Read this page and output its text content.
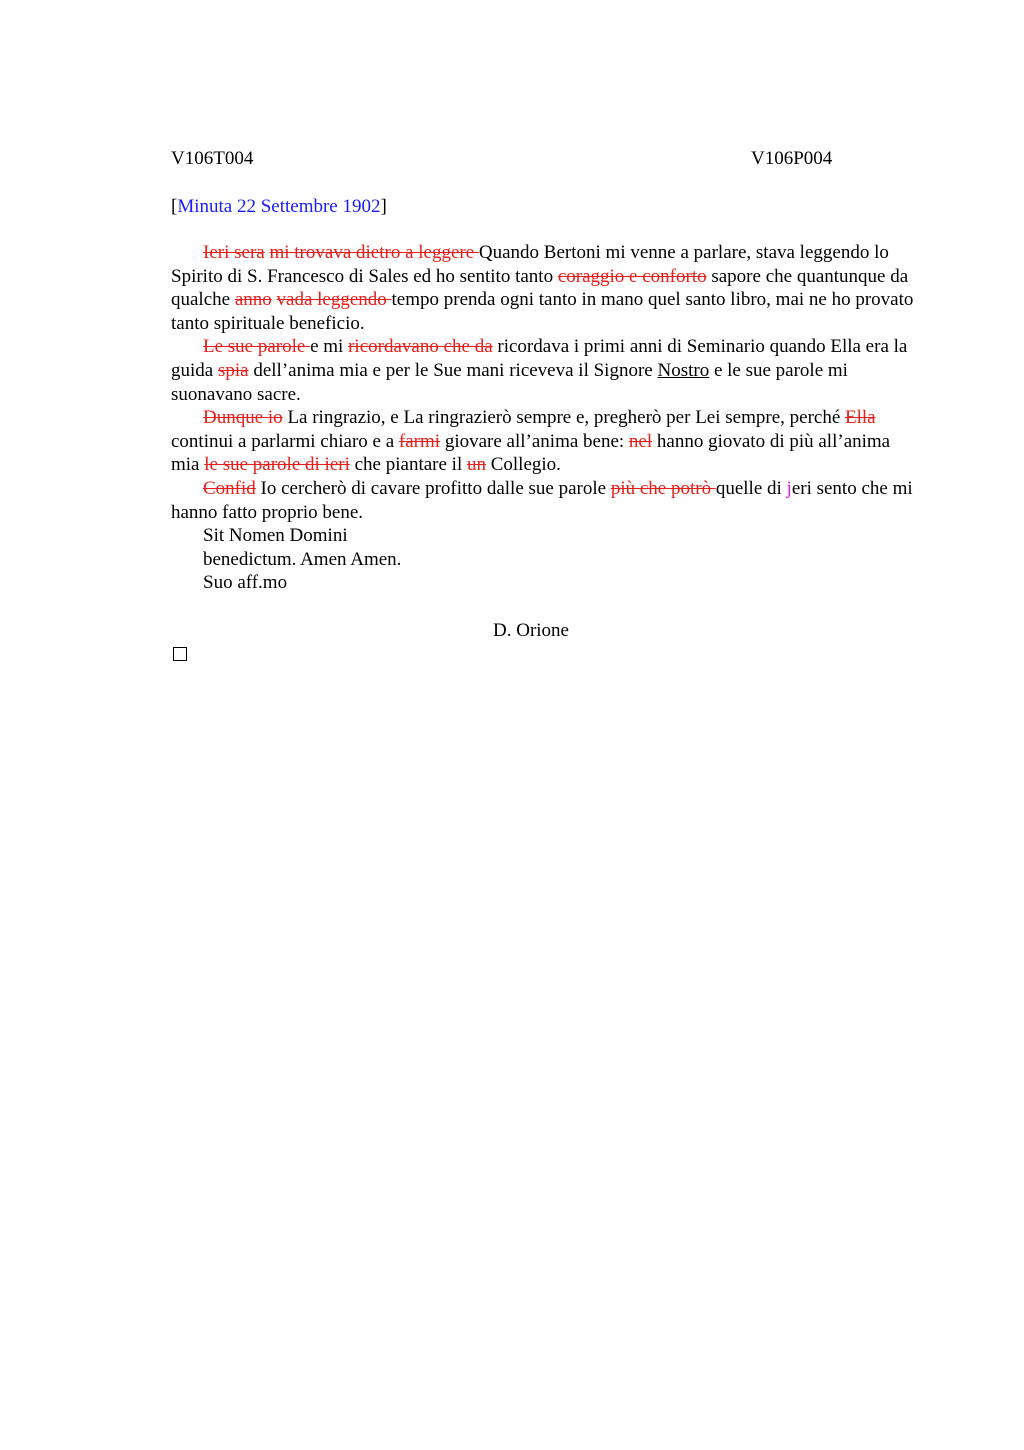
V106T004	V106P004
[Minuta 22 Settembre 1902]

Ieri sera mi trovava dietro a leggere Quando Bertoni mi venne a parlare, stava leggendo lo Spirito di S. Francesco di Sales ed ho sentito tanto coraggio e conforto sapore che quantunque da qualche anno vada leggendo tempo prenda ogni tanto in mano quel santo libro, mai ne ho provato tanto spirituale beneficio.

Le sue parole e mi ricordavano che da ricordava i primi anni di Seminario quando Ella era la guida spia dell’anima mia e per le Sue mani riceveva il Signore Nostro e le sue parole mi suonavano sacre.

Dunque io La ringrazio, e La ringrazierò sempre e, pregherò per Lei sempre, perché Ella continui a parlarmi chiaro e a farmi giovare all’anima bene: nel hanno giovato di più all’anima mia le sue parole di ieri che piantare il un Collegio.

Confid Io cercherò di cavare profitto dalle sue parole più che potrò quelle di jeri sento che mi hanno fatto proprio bene.

Sit Nomen Domini
benedictum. Amen Amen.
Suo aff.mo
D. Orione
